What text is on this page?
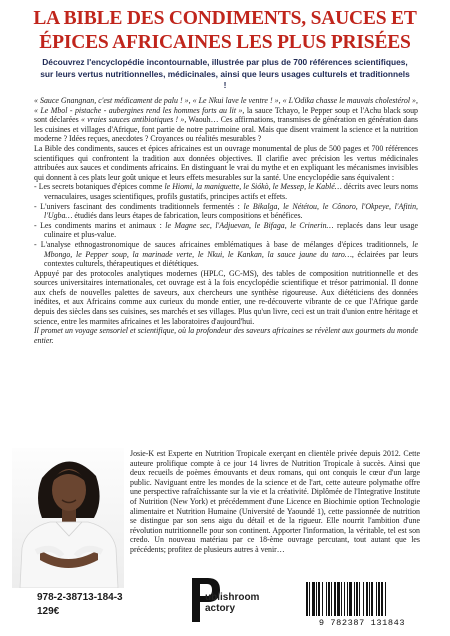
LA BIBLE DES CONDIMENTS, SAUCES ET
ÉPICES AFRICAINES LES PLUS PRISÉES
Découvrez l'encyclopédie incontournable, illustrée par plus de 700 références scientifiques, sur leurs vertus nutritionnelles, médicinales, ainsi que leurs usages culturels et traditionnels !

« Sauce Gnangnan, c'est médicament de palu ! », « Le Nkui lave le ventre ! », « L'Odika chasse le mauvais cholestérol », « Le Mbol - pistache - aubergines rend les hommes forts au lit », la sauce Tchayo, le Pepper soup et l'Achu black soup sont déclarées « vraies sauces antibiotiques ! », Waouh… Ces affirmations, transmises de génération en génération dans les cuisines et villages d'Afrique, font partie de notre patrimoine oral. Mais que disent vraiment la science et la nutrition moderne ? Idées reçues, anecdotes ? Croyances ou réalités mesurables ?

La Bible des condiments, sauces et épices africaines est un ouvrage monumental de plus de 500 pages et 700 références scientifiques qui confrontent la tradition aux données objectives. Il clarifie avec précision les vertus médicinales attribuées aux sauces et condiments africains. En distinguant le vrai du mythe et en expliquant les mécanismes invisibles qui donnent à ces plats leur goût unique et leurs effets mesurables sur la santé. Une encyclopédie sans équivalent :

- Les secrets botaniques d'épices comme le Hiomi, la maniguette, le Siókò, le Messep, le Kablé… décrits avec leurs noms vernaculaires, usages scientifiques, profils gustatifs, principes actifs et effets.

- L'univers fascinant des condiments traditionnels fermentés : le Bikalga, le Nététou, le Cônoro, l'Okpeye, l'Afitin, l'Ugba… étudiés dans leurs étapes de fabrication, leurs compositions et bénéfices.

- Les condiments marins et animaux : le Magne sec, l'Adjuevan, le Bifaga, le Crinerin… replacés dans leur usage culinaire et plus-value.

- L'analyse ethnogastronomique de sauces africaines emblématiques à base de mélanges d'épices traditionnels, le Mbongo, le Pepper soup, la marinade verte, le Nkui, le Kankan, la sauce jaune du taro…, éclairées par leurs contextes culturels, thérapeutiques et diététiques.

Appuyé par des protocoles analytiques modernes (HPLC, GC-MS), des tables de composition nutritionnelle et des sources universitaires internationales, cet ouvrage est à la fois encyclopédie scientifique et trésor patrimonial. Il donne aux chefs de nouvelles palettes de saveurs, aux chercheurs une synthèse rigoureuse. Aux diététiciens des données inédites, et aux Africains comme aux curieux du monde entier, une re-découverte vibrante de ce que l'Afrique garde depuis des siècles dans ses cuisines, ses marchés et ses villages. Plus qu'un livre, ceci est un trait d'union entre héritage et science, entre les marmites africaines et les laboratoires d'aujourd'hui.

Il promet un voyage sensoriel et scientifique, où la profondeur des saveurs africaines se révèlent aux gourmets du monde entier.

Josie-K est Experte en Nutrition Tropicale exerçant en clientèle privée depuis 2012. Cette auteure prolifique compte à ce jour 14 livres de Nutrition Tropicale à succès. Ainsi que deux recueils de poèmes émouvants et deux romans, qui ont conquis le cœur d'un large public. Naviguant entre les mondes de la science et de l'art, cette auteure polymathe offre une perspective rafraîchissante sur la vie et la créativité. Diplômée de l'Integrative Institute of Nutrition (New York) et précédemment d'une Licence en Biochimie option Technologie alimentaire et Nutrition Humaine (Université de Yaoundé 1), cette passionnée de nutrition se distingue par son sens aigu du détail et de la rigueur. Elle nourrit l'ambition d'une révolution nutritionnelle pour son continent. Apporter l'information, la véritable, tel est son credo. Un nouveau matériau par ce 18-ème ouvrage percutant, tout autant que les précédents; profitez de plusieurs autres à venir…

978-2-38713-184-3
129€
ublishroom
actory
9 782387 131843
